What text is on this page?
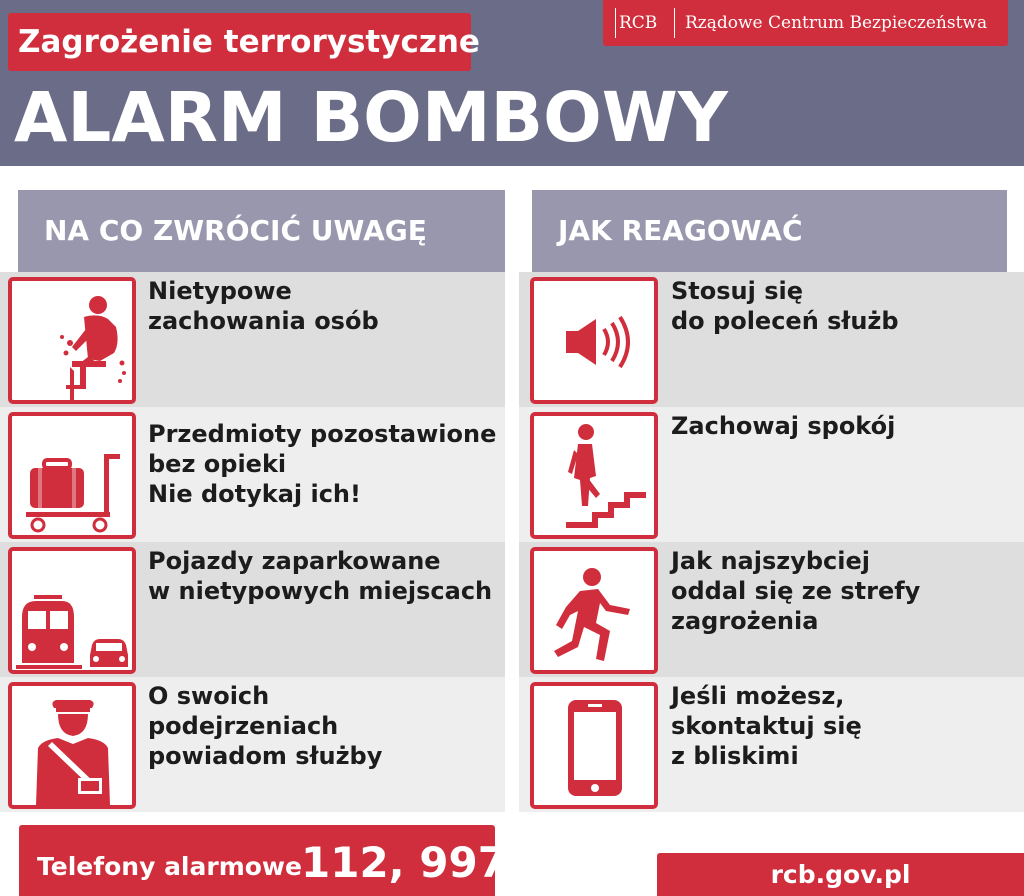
Zagrożenie terrorystyczne
ALARM BOMBOWY
RCB Rządowe Centrum Bezpieczeństwa
NA CO ZWRÓCIĆ UWAGĘ	JAK REAGOWAĆ
Nietypowe
zachowania osób
Przedmioty pozostawione
bez opieki
Nie dotykaj ich!
Pojazdy zaparkowane
w nietypowych miejscach
O swoich
podejrzeniach
powiadom służby
Stosuj się
do poleceń służb
Zachowaj spokój
Jak najszybciej
oddal się ze strefy
zagrożenia
Jeśli możesz,
skontaktuj się
z bliskimi
Telefony alarmowe 112, 997	rcb.gov.pl
